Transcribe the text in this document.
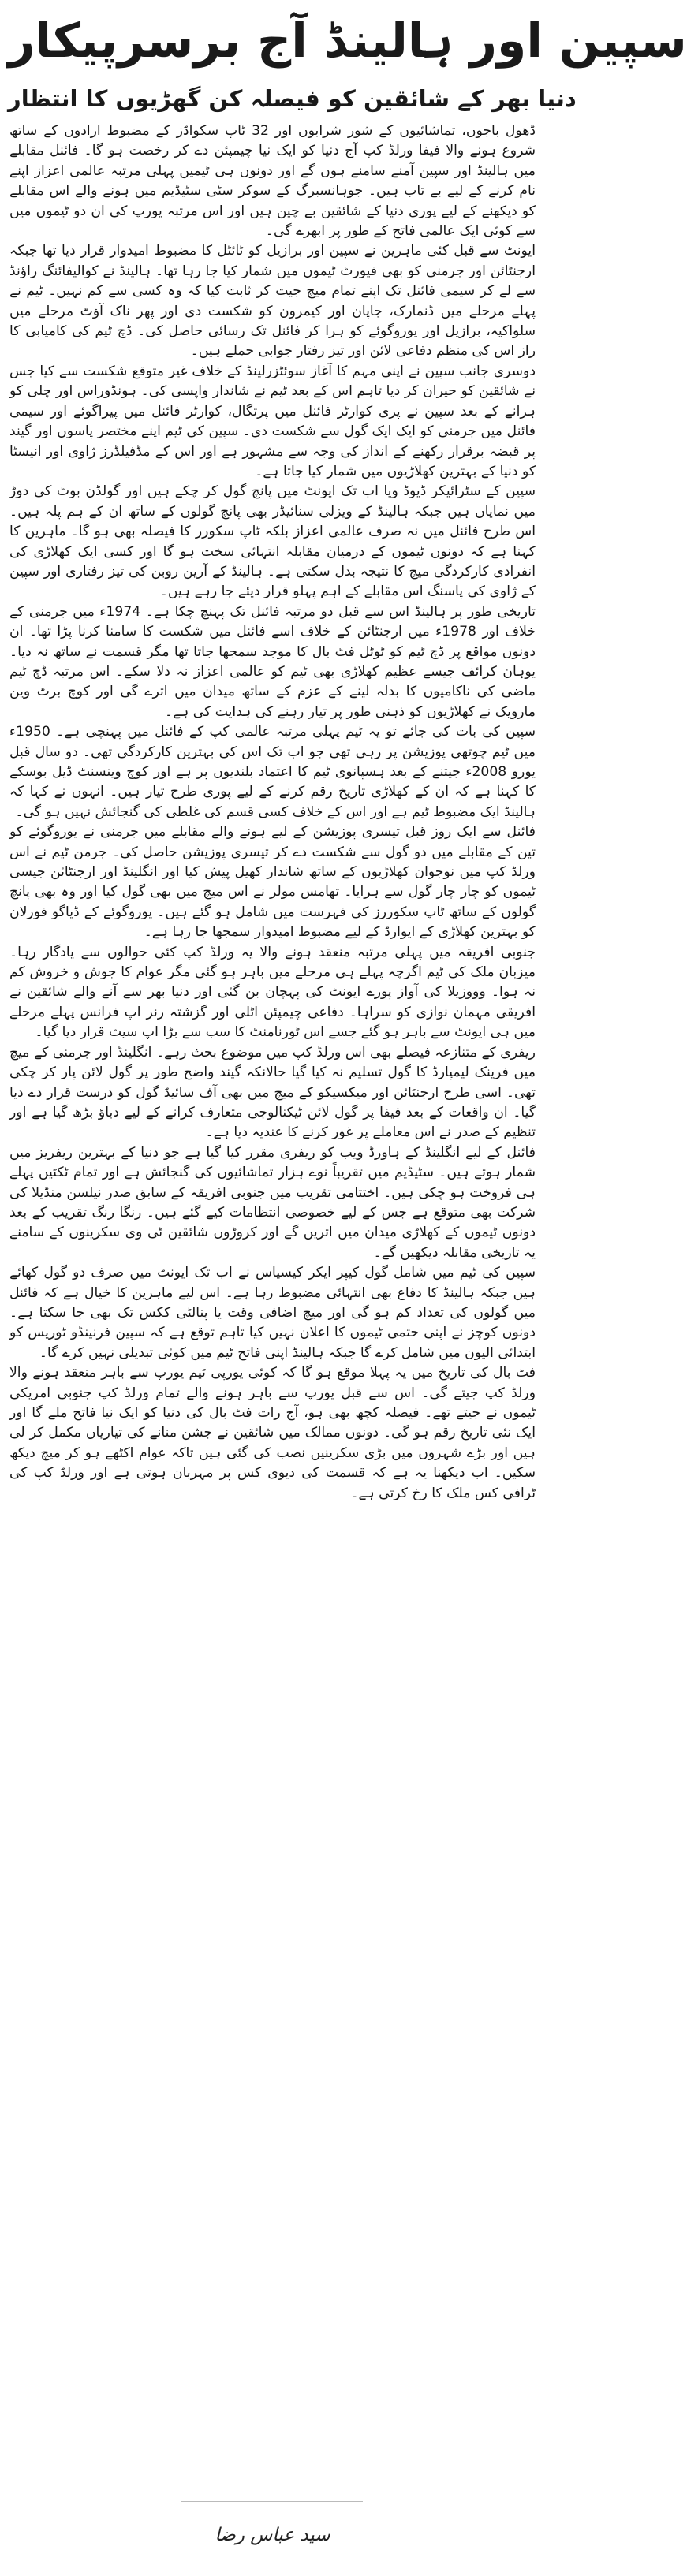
سپین اور ہالینڈ آج برسرپیکار
دنیا بھر کے شائقین کو فیصلہ کن گھڑیوں کا انتظار

ڈھول باجوں، تماشائیوں کے شور شرابوں اور 32 ٹاپ سکواڈز کے مضبوط ارادوں کے ساتھ شروع ہونے والا فیفا ورلڈ کپ آج دنیا کو ایک نیا چیمپئن دے کر رخصت ہو گا۔ فائنل مقابلے میں ہالینڈ اور سپین آمنے سامنے ہوں گے اور دونوں ہی ٹیمیں پہلی مرتبہ عالمی اعزاز اپنے نام کرنے کے لیے بے تاب ہیں۔ جوہانسبرگ کے سوکر سٹی سٹیڈیم میں ہونے والے اس مقابلے کو دیکھنے کے لیے پوری دنیا کے شائقین بے چین ہیں اور اس مرتبہ یورپ کی ان دو ٹیموں میں سے کوئی ایک عالمی فاتح کے طور پر ابھرے گی۔

ایونٹ سے قبل کئی ماہرین نے سپین اور برازیل کو ٹائٹل کا مضبوط امیدوار قرار دیا تھا جبکہ ارجنٹائن اور جرمنی کو بھی فیورٹ ٹیموں میں شمار کیا جا رہا تھا۔ ہالینڈ نے کوالیفائنگ راؤنڈ سے لے کر سیمی فائنل تک اپنے تمام میچ جیت کر ثابت کیا کہ وہ کسی سے کم نہیں۔ ٹیم نے پہلے مرحلے میں ڈنمارک، جاپان اور کیمرون کو شکست دی اور پھر ناک آؤٹ مرحلے میں سلواکیہ، برازیل اور یوروگوئے کو ہرا کر فائنل تک رسائی حاصل کی۔ ڈچ ٹیم کی کامیابی کا راز اس کی منظم دفاعی لائن اور تیز رفتار جوابی حملے ہیں۔

دوسری جانب سپین نے اپنی مہم کا آغاز سوئٹزرلینڈ کے خلاف غیر متوقع شکست سے کیا جس نے شائقین کو حیران کر دیا تاہم اس کے بعد ٹیم نے شاندار واپسی کی۔ ہونڈوراس اور چلی کو ہرانے کے بعد سپین نے پری کوارٹر فائنل میں پرتگال، کوارٹر فائنل میں پیراگوئے اور سیمی فائنل میں جرمنی کو ایک ایک گول سے شکست دی۔ سپین کی ٹیم اپنے مختصر پاسوں اور گیند پر قبضہ برقرار رکھنے کے انداز کی وجہ سے مشہور ہے اور اس کے مڈفیلڈرز ژاوی اور انیسٹا کو دنیا کے بہترین کھلاڑیوں میں شمار کیا جاتا ہے۔

سپین کے سٹرائیکر ڈیوڈ ویا اب تک ایونٹ میں پانچ گول کر چکے ہیں اور گولڈن بوٹ کی دوڑ میں نمایاں ہیں جبکہ ہالینڈ کے ویزلی سنائیڈر بھی پانچ گولوں کے ساتھ ان کے ہم پلہ ہیں۔ اس طرح فائنل میں نہ صرف عالمی اعزاز بلکہ ٹاپ سکورر کا فیصلہ بھی ہو گا۔ ماہرین کا کہنا ہے کہ دونوں ٹیموں کے درمیان مقابلہ انتہائی سخت ہو گا اور کسی ایک کھلاڑی کی انفرادی کارکردگی میچ کا نتیجہ بدل سکتی ہے۔ ہالینڈ کے آرین روبن کی تیز رفتاری اور سپین کے ژاوی کی پاسنگ اس مقابلے کے اہم پہلو قرار دیئے جا رہے ہیں۔

تاریخی طور پر ہالینڈ اس سے قبل دو مرتبہ فائنل تک پہنچ چکا ہے۔ 1974ء میں جرمنی کے خلاف اور 1978ء میں ارجنٹائن کے خلاف اسے فائنل میں شکست کا سامنا کرنا پڑا تھا۔ ان دونوں مواقع پر ڈچ ٹیم کو ٹوٹل فٹ بال کا موجد سمجھا جاتا تھا مگر قسمت نے ساتھ نہ دیا۔ یوہان کرائف جیسے عظیم کھلاڑی بھی ٹیم کو عالمی اعزاز نہ دلا سکے۔ اس مرتبہ ڈچ ٹیم ماضی کی ناکامیوں کا بدلہ لینے کے عزم کے ساتھ میدان میں اترے گی اور کوچ برٹ وین مارویک نے کھلاڑیوں کو ذہنی طور پر تیار رہنے کی ہدایت کی ہے۔

سپین کی بات کی جائے تو یہ ٹیم پہلی مرتبہ عالمی کپ کے فائنل میں پہنچی ہے۔ 1950ء میں ٹیم چوتھی پوزیشن پر رہی تھی جو اب تک اس کی بہترین کارکردگی تھی۔ دو سال قبل یورو 2008ء جیتنے کے بعد ہسپانوی ٹیم کا اعتماد بلندیوں پر ہے اور کوچ وینسنٹ ڈیل بوسکے کا کہنا ہے کہ ان کے کھلاڑی تاریخ رقم کرنے کے لیے پوری طرح تیار ہیں۔ انہوں نے کہا کہ ہالینڈ ایک مضبوط ٹیم ہے اور اس کے خلاف کسی قسم کی غلطی کی گنجائش نہیں ہو گی۔

فائنل سے ایک روز قبل تیسری پوزیشن کے لیے ہونے والے مقابلے میں جرمنی نے یوروگوئے کو تین کے مقابلے میں دو گول سے شکست دے کر تیسری پوزیشن حاصل کی۔ جرمن ٹیم نے اس ورلڈ کپ میں نوجوان کھلاڑیوں کے ساتھ شاندار کھیل پیش کیا اور انگلینڈ اور ارجنٹائن جیسی ٹیموں کو چار چار گول سے ہرایا۔ تھامس مولر نے اس میچ میں بھی گول کیا اور وہ بھی پانچ گولوں کے ساتھ ٹاپ سکوررز کی فہرست میں شامل ہو گئے ہیں۔ یوروگوئے کے ڈیاگو فورلان کو بہترین کھلاڑی کے ایوارڈ کے لیے مضبوط امیدوار سمجھا جا رہا ہے۔

جنوبی افریقہ میں پہلی مرتبہ منعقد ہونے والا یہ ورلڈ کپ کئی حوالوں سے یادگار رہا۔ میزبان ملک کی ٹیم اگرچہ پہلے ہی مرحلے میں باہر ہو گئی مگر عوام کا جوش و خروش کم نہ ہوا۔ وووزیلا کی آواز پورے ایونٹ کی پہچان بن گئی اور دنیا بھر سے آنے والے شائقین نے افریقی مہمان نوازی کو سراہا۔ دفاعی چیمپئن اٹلی اور گزشتہ رنر اپ فرانس پہلے مرحلے میں ہی ایونٹ سے باہر ہو گئے جسے اس ٹورنامنٹ کا سب سے بڑا اپ سیٹ قرار دیا گیا۔

ریفری کے متنازعہ فیصلے بھی اس ورلڈ کپ میں موضوع بحث رہے۔ انگلینڈ اور جرمنی کے میچ میں فرینک لیمپارڈ کا گول تسلیم نہ کیا گیا حالانکہ گیند واضح طور پر گول لائن پار کر چکی تھی۔ اسی طرح ارجنٹائن اور میکسیکو کے میچ میں بھی آف سائیڈ گول کو درست قرار دے دیا گیا۔ ان واقعات کے بعد فیفا پر گول لائن ٹیکنالوجی متعارف کرانے کے لیے دباؤ بڑھ گیا ہے اور تنظیم کے صدر نے اس معاملے پر غور کرنے کا عندیہ دیا ہے۔

فائنل کے لیے انگلینڈ کے ہاورڈ ویب کو ریفری مقرر کیا گیا ہے جو دنیا کے بہترین ریفریز میں شمار ہوتے ہیں۔ سٹیڈیم میں تقریباً نوے ہزار تماشائیوں کی گنجائش ہے اور تمام ٹکٹیں پہلے ہی فروخت ہو چکی ہیں۔ اختتامی تقریب میں جنوبی افریقہ کے سابق صدر نیلسن منڈیلا کی شرکت بھی متوقع ہے جس کے لیے خصوصی انتظامات کیے گئے ہیں۔ رنگا رنگ تقریب کے بعد دونوں ٹیموں کے کھلاڑی میدان میں اتریں گے اور کروڑوں شائقین ٹی وی سکرینوں کے سامنے یہ تاریخی مقابلہ دیکھیں گے۔

سپین کی ٹیم میں شامل گول کیپر ایکر کیسیاس نے اب تک ایونٹ میں صرف دو گول کھائے ہیں جبکہ ہالینڈ کا دفاع بھی انتہائی مضبوط رہا ہے۔ اس لیے ماہرین کا خیال ہے کہ فائنل میں گولوں کی تعداد کم ہو گی اور میچ اضافی وقت یا پنالٹی ککس تک بھی جا سکتا ہے۔ دونوں کوچز نے اپنی حتمی ٹیموں کا اعلان نہیں کیا تاہم توقع ہے کہ سپین فرنینڈو ٹوریس کو ابتدائی الیون میں شامل کرے گا جبکہ ہالینڈ اپنی فاتح ٹیم میں کوئی تبدیلی نہیں کرے گا۔

فٹ بال کی تاریخ میں یہ پہلا موقع ہو گا کہ کوئی یورپی ٹیم یورپ سے باہر منعقد ہونے والا ورلڈ کپ جیتے گی۔ اس سے قبل یورپ سے باہر ہونے والے تمام ورلڈ کپ جنوبی امریکی ٹیموں نے جیتے تھے۔ فیصلہ کچھ بھی ہو، آج رات فٹ بال کی دنیا کو ایک نیا فاتح ملے گا اور ایک نئی تاریخ رقم ہو گی۔ دونوں ممالک میں شائقین نے جشن منانے کی تیاریاں مکمل کر لی ہیں اور بڑے شہروں میں بڑی سکرینیں نصب کی گئی ہیں تاکہ عوام اکٹھے ہو کر میچ دیکھ سکیں۔ اب دیکھنا یہ ہے کہ قسمت کی دیوی کس پر مہربان ہوتی ہے اور ورلڈ کپ کی ٹرافی کس ملک کا رخ کرتی ہے۔

سید عباس رضا
